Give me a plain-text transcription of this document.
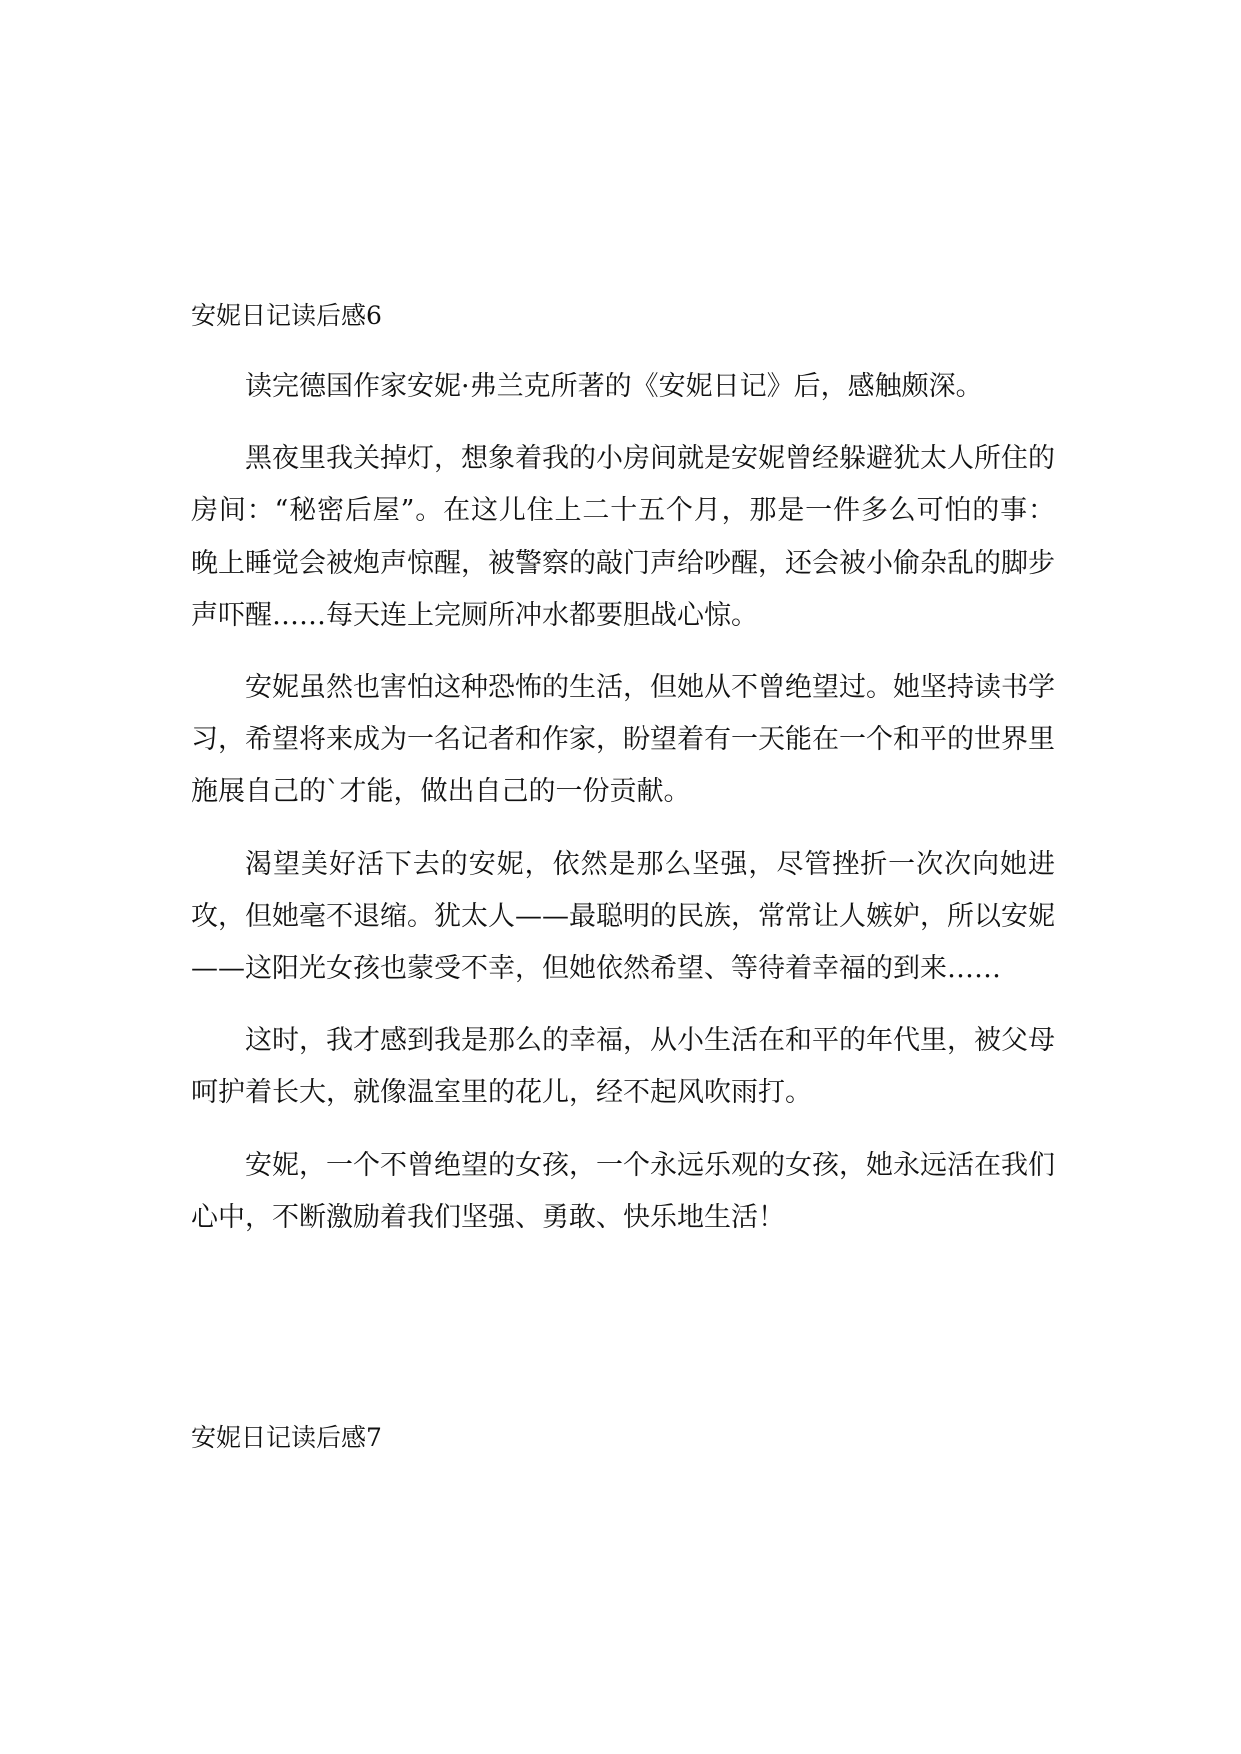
安妮日记读后感6

读完德国作家安妮·弗兰克所著的《安妮日记》后，感触颇深。

黑夜里我关掉灯，想象着我的小房间就是安妮曾经躲避犹太人所住的房间：“秘密后屋”。在这儿住上二十五个月，那是一件多么可怕的事：晚上睡觉会被炮声惊醒，被警察的敲门声给吵醒，还会被小偷杂乱的脚步声吓醒……每天连上完厕所冲水都要胆战心惊。

安妮虽然也害怕这种恐怖的生活，但她从不曾绝望过。她坚持读书学习，希望将来成为一名记者和作家，盼望着有一天能在一个和平的世界里施展自己的`才能，做出自己的一份贡献。

渴望美好活下去的安妮，依然是那么坚强，尽管挫折一次次向她进攻，但她毫不退缩。犹太人——最聪明的民族，常常让人嫉妒，所以安妮——这阳光女孩也蒙受不幸，但她依然希望、等待着幸福的到来……

这时，我才感到我是那么的幸福，从小生活在和平的年代里，被父母呵护着长大，就像温室里的花儿，经不起风吹雨打。

安妮，一个不曾绝望的女孩，一个永远乐观的女孩，她永远活在我们心中，不断激励着我们坚强、勇敢、快乐地生活！

安妮日记读后感7
